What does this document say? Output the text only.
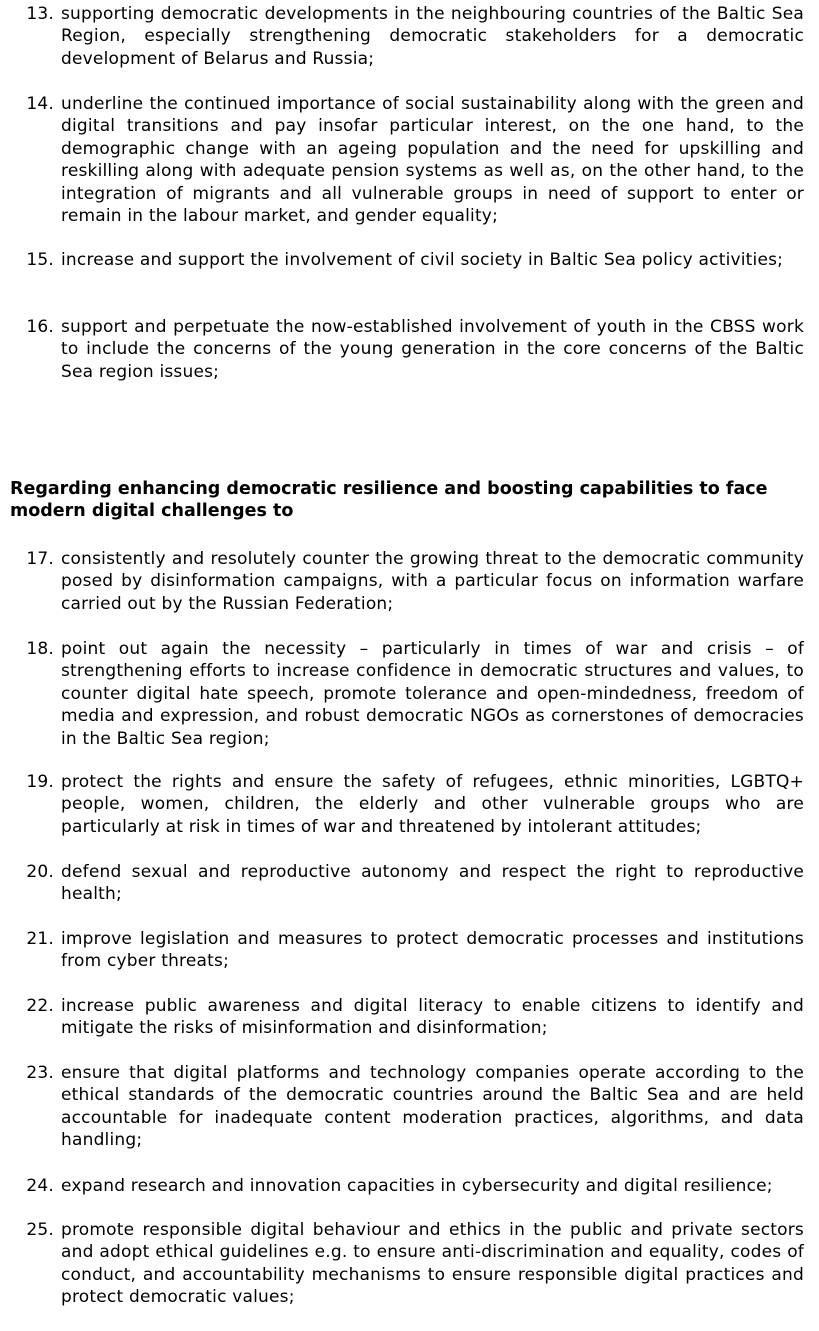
13. supporting democratic developments in the neighbouring countries of the Baltic Sea Region, especially strengthening democratic stakeholders for a democratic development of Belarus and Russia;
14. underline the continued importance of social sustainability along with the green and digital transitions and pay insofar particular interest, on the one hand, to the demographic change with an ageing population and the need for upskilling and reskilling along with adequate pension systems as well as, on the other hand, to the integration of migrants and all vulnerable groups in need of support to enter or remain in the labour market, and gender equality;
15. increase and support the involvement of civil society in Baltic Sea policy activities;
16. support and perpetuate the now-established involvement of youth in the CBSS work to include the concerns of the young generation in the core concerns of the Baltic Sea region issues;
Regarding enhancing democratic resilience and boosting capabilities to face modern digital challenges to
17. consistently and resolutely counter the growing threat to the democratic community posed by disinformation campaigns, with a particular focus on information warfare carried out by the Russian Federation;
18. point out again the necessity – particularly in times of war and crisis – of strengthening efforts to increase confidence in democratic structures and values, to counter digital hate speech, promote tolerance and open-mindedness, freedom of media and expression, and robust democratic NGOs as cornerstones of democracies in the Baltic Sea region;
19. protect the rights and ensure the safety of refugees, ethnic minorities, LGBTQ+ people, women, children, the elderly and other vulnerable groups who are particularly at risk in times of war and threatened by intolerant attitudes;
20. defend sexual and reproductive autonomy and respect the right to reproductive health;
21. improve legislation and measures to protect democratic processes and institutions from cyber threats;
22. increase public awareness and digital literacy to enable citizens to identify and mitigate the risks of misinformation and disinformation;
23. ensure that digital platforms and technology companies operate according to the ethical standards of the democratic countries around the Baltic Sea and are held accountable for inadequate content moderation practices, algorithms, and data handling;
24. expand research and innovation capacities in cybersecurity and digital resilience;
25. promote responsible digital behaviour and ethics in the public and private sectors and adopt ethical guidelines e.g. to ensure anti-discrimination and equality, codes of conduct, and accountability mechanisms to ensure responsible digital practices and protect democratic values;
